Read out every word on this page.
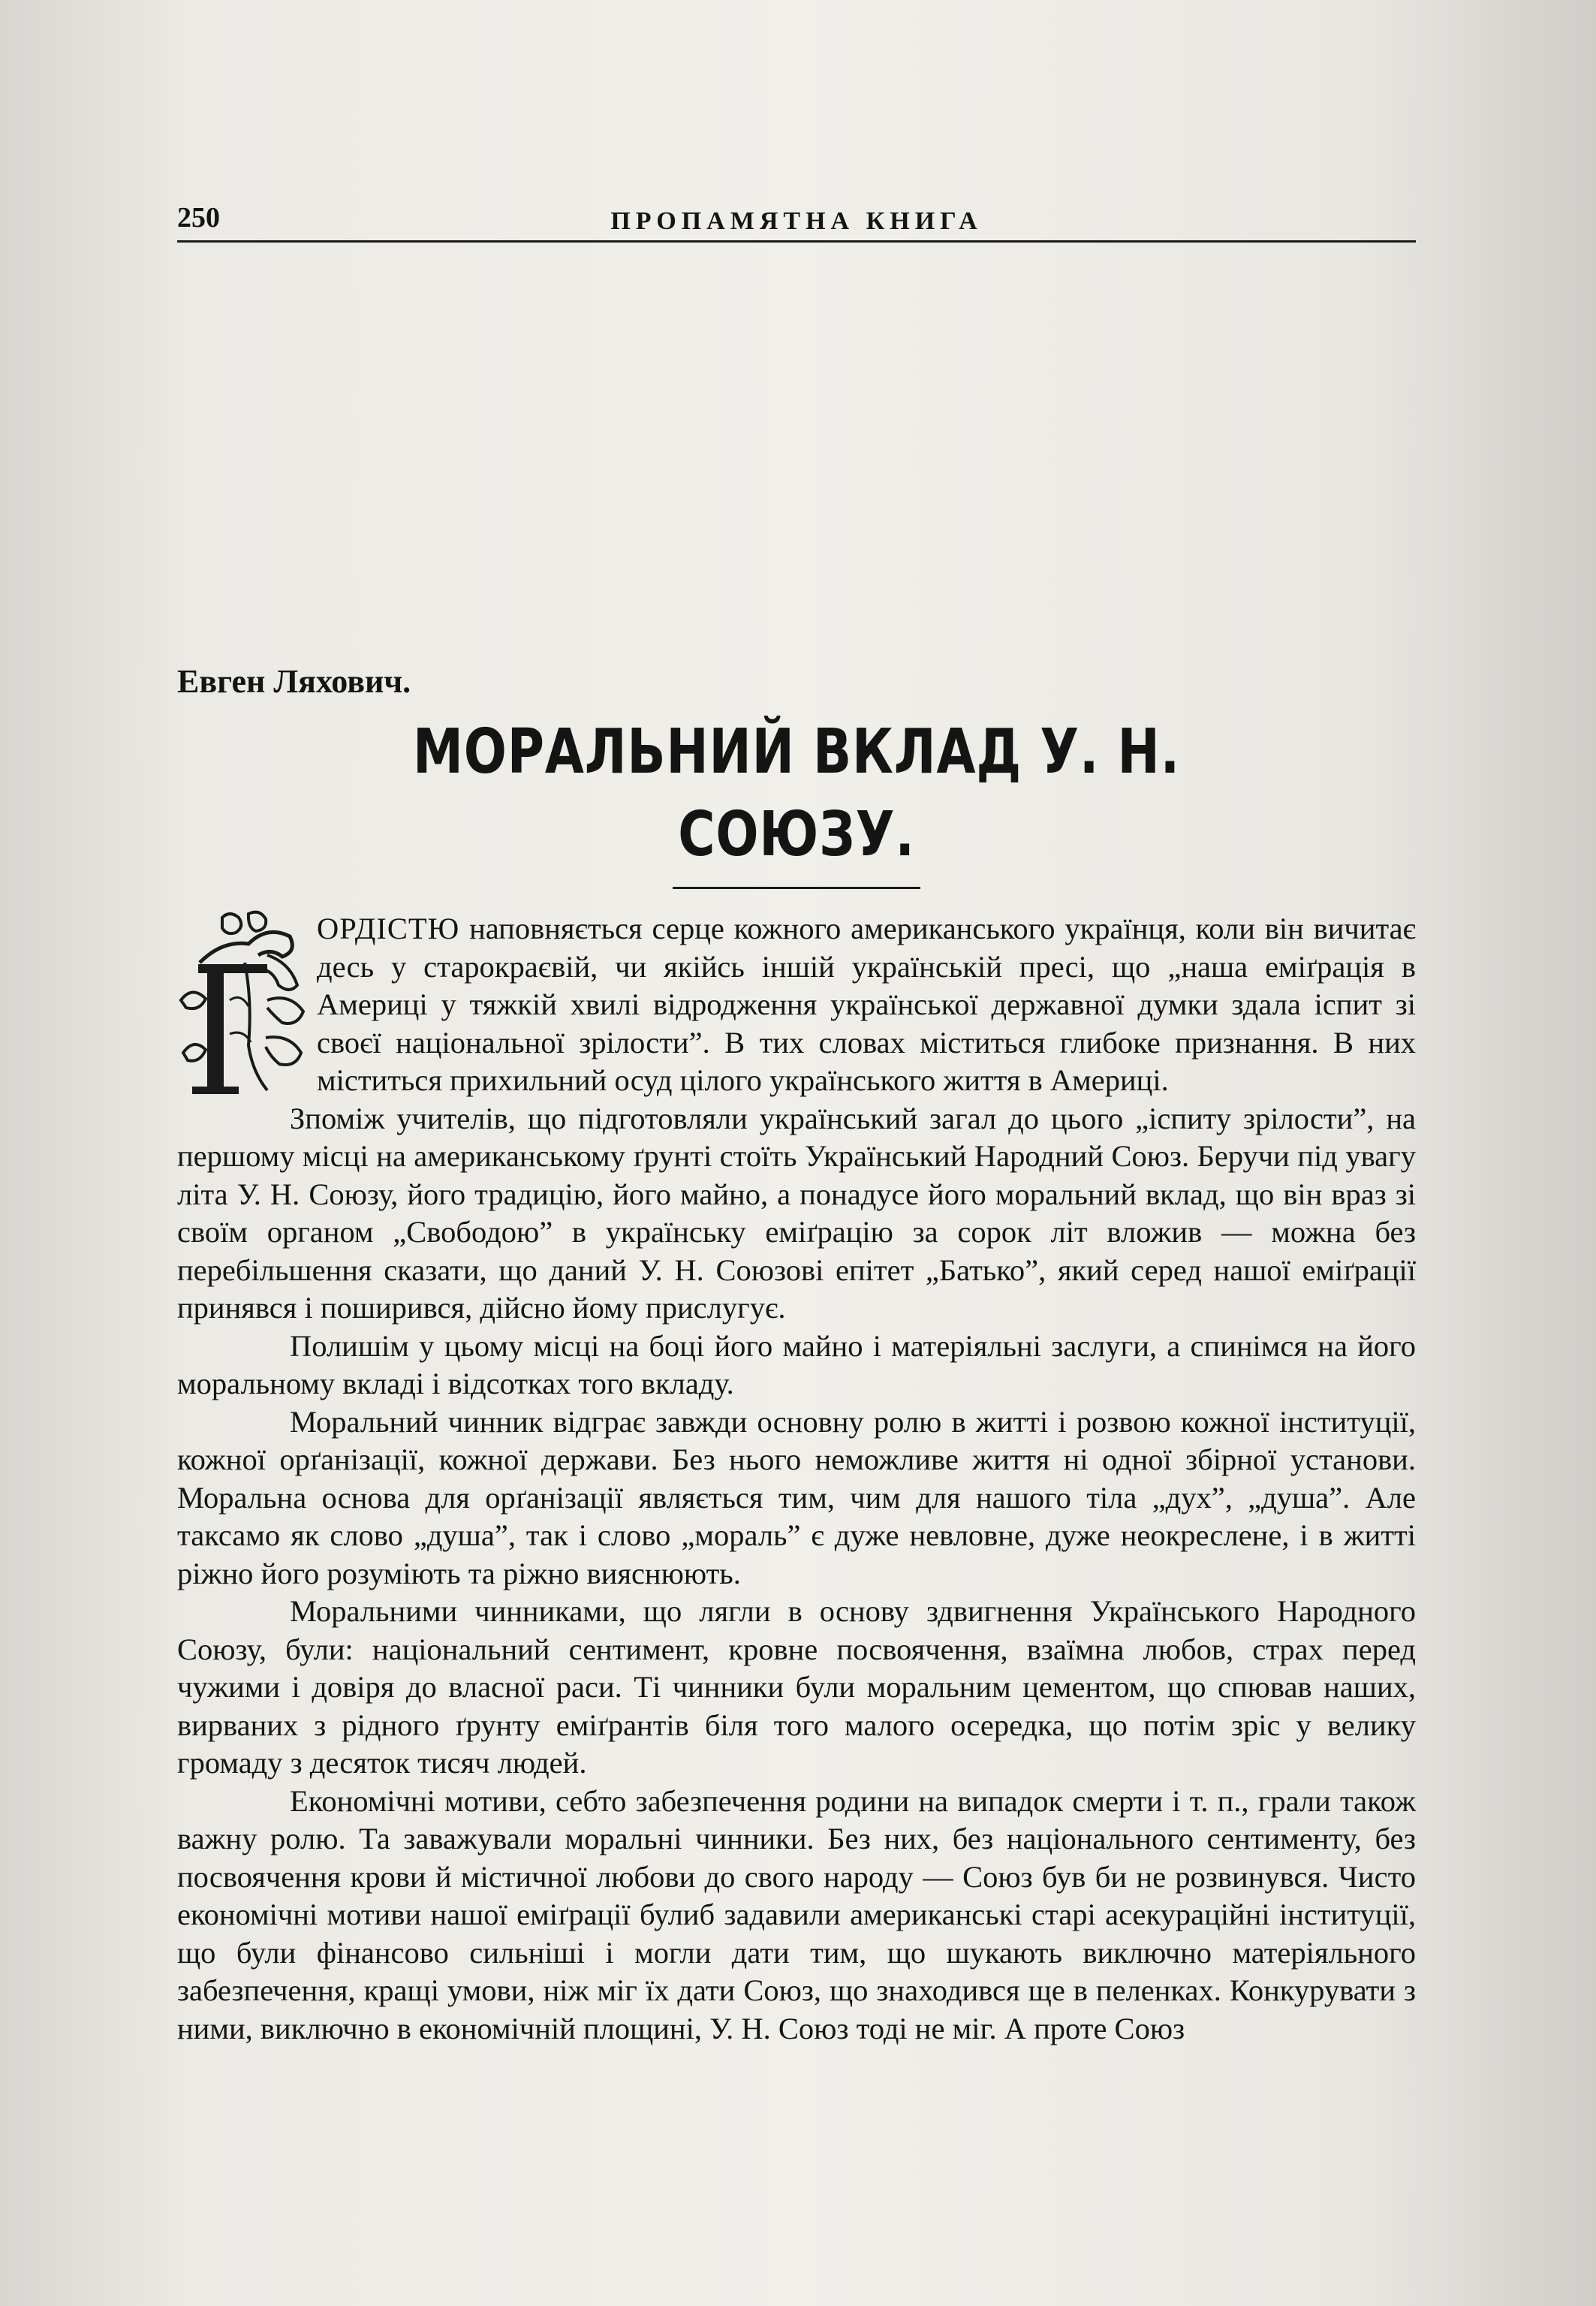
250	ПРОПАМЯТНА КНИГА
Евген Ляхович.
МОРАЛЬНИЙ ВКЛАД У. Н. СОЮЗУ.

ОРДІСТЮ наповняється серце кожного американського українця, коли він вичитає десь у старокраєвій, чи якійсь іншій українській пресі, що „наша еміґрація в Америці у тяжкій хвилі відродження української державної думки здала іспит зі своєї національної зрілости”. В тих словах міститься глибоке признання. В них міститься прихильний осуд цілого українського життя в Америці.

Зпоміж учителів, що підготовляли український загал до цього „іспиту зрілости”, на першому місці на американському ґрунті стоїть Український Народний Союз. Беручи під увагу літа У. Н. Союзу, його традицію, його майно, а понадусе його моральний вклад, що він враз зі своїм органом „Свободою” в українську еміґрацію за сорок літ вложив — можна без перебільшення сказати, що даний У. Н. Союзові епітет „Батько”, який серед нашої еміґрації принявся і поширився, дійсно йому прислугує.

Полишім у цьому місці на боці його майно і матеріяльні заслуги, а спинімся на його моральному вкладі і відсотках того вкладу.

Моральний чинник відграє завжди основну ролю в житті і розвою кожної інституції, кожної орґанізації, кожної держави. Без нього неможливе життя ні одної збірної установи. Моральна основа для орґанізації являється тим, чим для нашого тіла „дух”, „душа”. Але таксамо як слово „душа”, так і слово „мораль” є дуже невловне, дуже неокреслене, і в житті ріжно його розуміють та ріжно вияснюють.

Моральними чинниками, що лягли в основу здвигнення Українського Народного Союзу, були: національний сентимент, кровне посвоячення, взаїмна любов, страх перед чужими і довіря до власної раси. Ті чинники були моральним цементом, що спював наших, вирваних з рідного ґрунту еміґрантів біля того малого осередка, що потім зріс у велику громаду з десяток тисяч людей.

Економічні мотиви, себто забезпечення родини на випадок смерти і т. п., грали також важну ролю. Та заважували моральні чинники. Без них, без національного сентименту, без посвоячення крови й містичної любови до свого народу — Союз був би не розвинувся. Чисто економічні мотиви нашої еміґрації булиб задавили американські старі асекураційні інституції, що були фінансово сильніші і могли дати тим, що шукають виключно матеріяльного забезпечення, кращі умови, ніж міг їх дати Союз, що знаходився ще в пеленках. Конкурувати з ними, виключно в економічній площині, У. Н. Союз тоді не міг. А проте Союз
